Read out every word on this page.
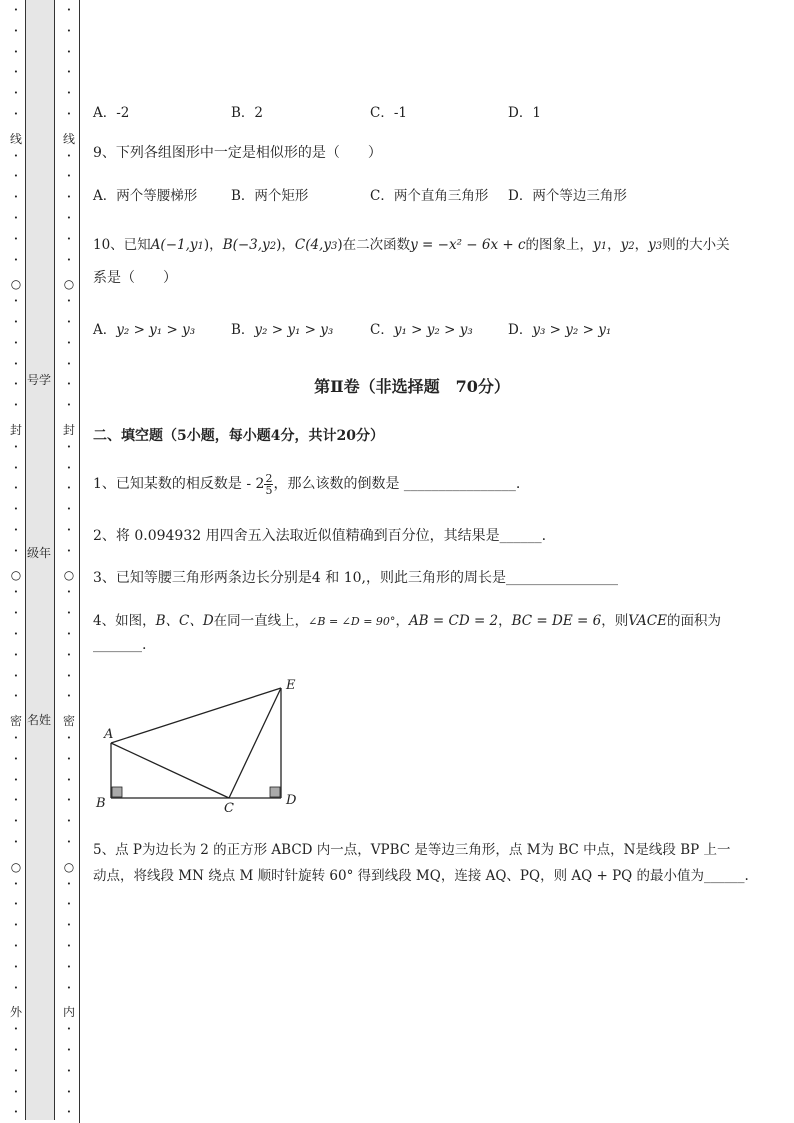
•
•
•
•
•
•
•
•
•
•
•
•
•
•
•
•
•
•
•
•
•
•
•
•
•
•
•
•
•
•
•
•
•
•
•
•
•
•
•
•
•
•
•
•
•
•
•
线
○
封
○
密
○
外
•
•
•
•
•
•
•
•
•
•
•
•
•
•
•
•
•
•
•
•
•
•
•
•
•
•
•
•
•
•
•
•
•
•
•
•
•
•
•
•
•
•
•
•
•
•
•
线
○
封
○
密
○
内
号学
级年
名姓
A．-2	B．2	C．-1	D．1
9、下列各组图形中一定是相似形的是（　　）
A．两个等腰梯形	B．两个矩形	C．两个直角三角形 D．两个等边三角形
10、已知A(−1,y1)，B(−3,y2)，C(4,y3)在二次函数y = −x² − 6x + c的图象上，y1，y2，y3则的大小关
系是（　　）
A．y₂ > y₁ > y₃	B．y₂ > y₁ > y₃	C．y₁ > y₂ > y₃	D．y₃ > y₂ > y₁
第Ⅱ卷（非选择题　70分）
二、填空题（5小题，每小题4分，共计20分）
1、已知某数的相反数是 - $2 \frac{2}{5}$ ，那么该数的倒数是 ________________.
2、将 0.094932 用四舍五入法取近似值精确到百分位，其结果是______.
3、已知等腰三角形两条边长分别是4 和 10,，则此三角形的周长是________________
4、如图，B、C、D在同一直线上，∠B = ∠D = 90°，AB = CD = 2，BC = DE = 6，则VACE的面积为
_______.
A
B	C
D
E
5、点 P为边长为 2 的正方形 ABCD 内一点，VPBC 是等边三角形，点 M为 BC 中点，N是线段 BP 上一
动点，将线段 MN 绕点 M 顺时针旋转 60° 得到线段 MQ，连接 AQ、PQ，则 AQ + PQ 的最小值为______.
